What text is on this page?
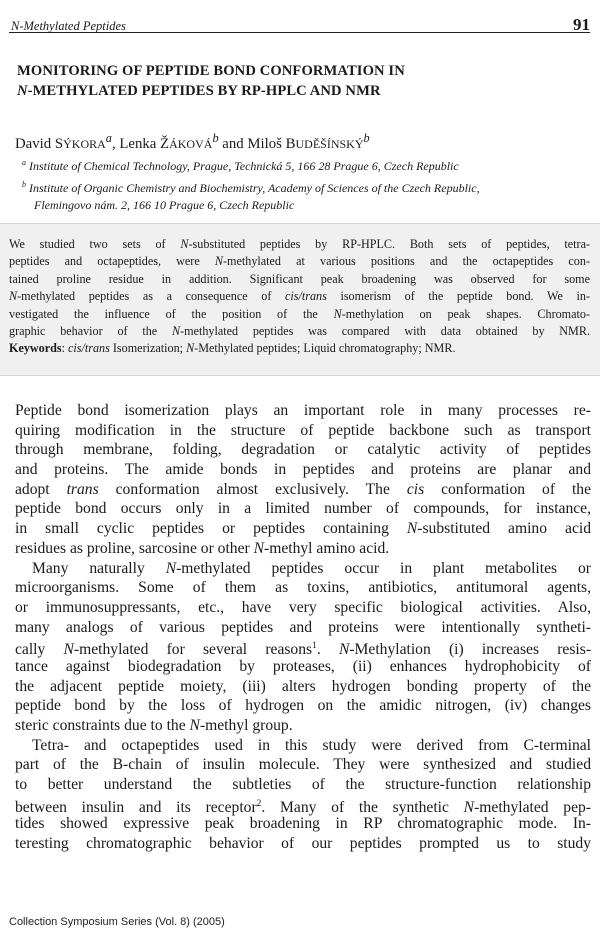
N-Methylated Peptides	91
MONITORING OF PEPTIDE BOND CONFORMATION IN
N-METHYLATED PEPTIDES BY RP-HPLC AND NMR
David SÝKORA$^a$, Lenka ŽÁKOVÁ$^b$ and Miloš BUDĚŠÍNSKÝ$^b$

$^a$ Institute of Chemical Technology, Prague, Technická 5, 166 28 Prague 6, Czech Republic

$^b$ Institute of Organic Chemistry and Biochemistry, Academy of Sciences of the Czech Republic,

Flemingovo nám. 2, 166 10 Prague 6, Czech Republic

We studied two sets of N-substituted peptides by RP-HPLC. Both sets of peptides, tetra-
peptides and octapeptides, were N-methylated at various positions and the octapeptides con-
tained proline residue in addition. Significant peak broadening was observed for some
N-methylated peptides as a consequence of cis/trans isomerism of the peptide bond. We in-
vestigated the influence of the position of the N-methylation on peak shapes. Chromato-
graphic behavior of the N-methylated peptides was compared with data obtained by NMR.
Keywords: cis/trans Isomerization; N-Methylated peptides; Liquid chromatography; NMR.
Peptide bond isomerization plays an important role in many processes re-
quiring modification in the structure of peptide backbone such as transport
through membrane, folding, degradation or catalytic activity of peptides
and proteins. The amide bonds in peptides and proteins are planar and
adopt trans conformation almost exclusively. The cis conformation of the
peptide bond occurs only in a limited number of compounds, for instance,
in small cyclic peptides or peptides containing N-substituted amino acid
residues as proline, sarcosine or other N-methyl amino acid.
Many naturally N-methylated peptides occur in plant metabolites or
microorganisms. Some of them as toxins, antibiotics, antitumoral agents,
or immunosuppressants, etc., have very specific biological activities. Also,
many analogs of various peptides and proteins were intentionally syntheti-
cally N-methylated for several reasons$^1$. N-Methylation (i) increases resis-
tance against biodegradation by proteases, (ii) enhances hydrophobicity of
the adjacent peptide moiety, (iii) alters hydrogen bonding property of the
peptide bond by the loss of hydrogen on the amidic nitrogen, (iv) changes
steric constraints due to the N-methyl group.
Tetra- and octapeptides used in this study were derived from C-terminal
part of the B-chain of insulin molecule. They were synthesized and studied
to better understand the subtleties of the structure-function relationship
between insulin and its receptor$^2$. Many of the synthetic N-methylated pep-
tides showed expressive peak broadening in RP chromatographic mode. In-
teresting chromatographic behavior of our peptides prompted us to study
Collection Symposium Series (Vol. 8) (2005)
